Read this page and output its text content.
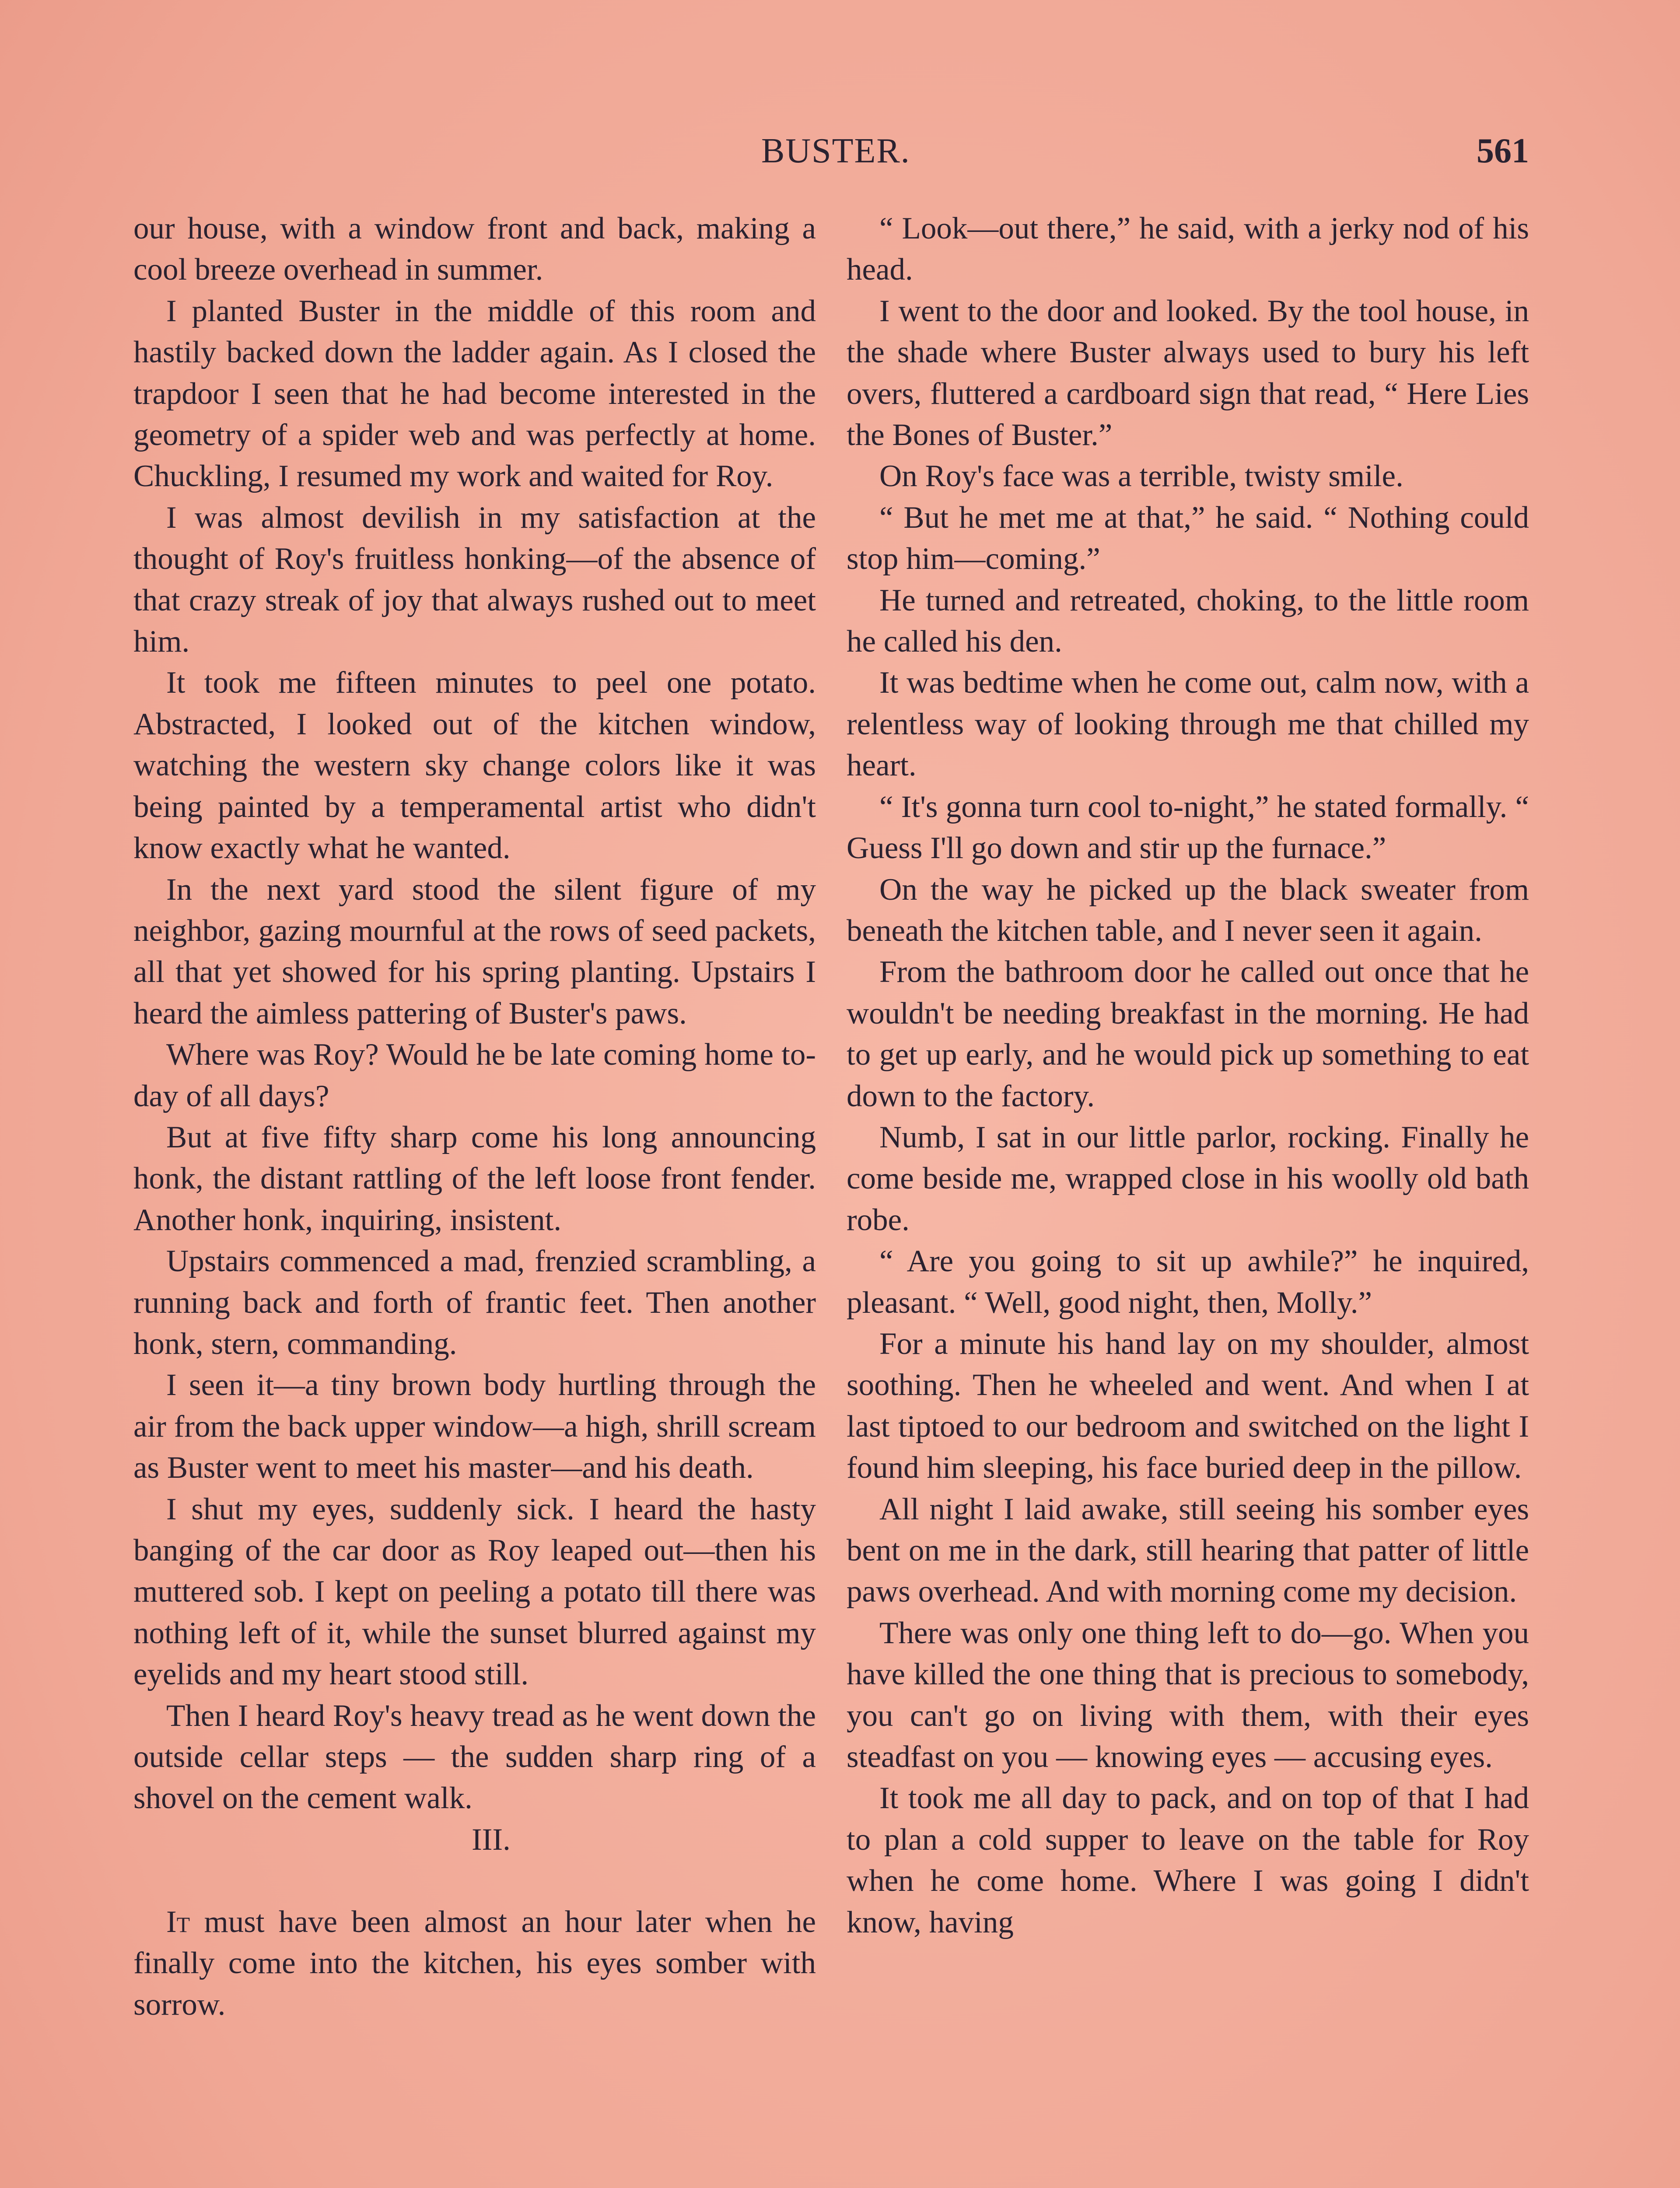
BUSTER.	561

our house, with a window front and back, making a cool breeze overhead in summer.

I planted Buster in the middle of this room and hastily backed down the ladder again. As I closed the trapdoor I seen that he had become interested in the geometry of a spider web and was perfectly at home. Chuckling, I resumed my work and waited for Roy.

I was almost devilish in my satisfaction at the thought of Roy's fruitless honking—of the absence of that crazy streak of joy that always rushed out to meet him.

It took me fifteen minutes to peel one potato. Abstracted, I looked out of the kitchen window, watching the western sky change colors like it was being painted by a temperamental artist who didn't know exactly what he wanted.

In the next yard stood the silent figure of my neighbor, gazing mournful at the rows of seed packets, all that yet showed for his spring planting. Upstairs I heard the aimless pattering of Buster's paws.

Where was Roy? Would he be late coming home to-day of all days?

But at five fifty sharp come his long announcing honk, the distant rattling of the left loose front fender. Another honk, inquiring, insistent.

Upstairs commenced a mad, frenzied scrambling, a running back and forth of frantic feet. Then another honk, stern, commanding.

I seen it—a tiny brown body hurtling through the air from the back upper window—a high, shrill scream as Buster went to meet his master—and his death.

I shut my eyes, suddenly sick. I heard the hasty banging of the car door as Roy leaped out—then his muttered sob. I kept on peeling a potato till there was nothing left of it, while the sunset blurred against my eyelids and my heart stood still.

Then I heard Roy's heavy tread as he went down the outside cellar steps — the sudden sharp ring of a shovel on the cement walk.

III.

It must have been almost an hour later when he finally come into the kitchen, his eyes somber with sorrow.

“ Look—out there,” he said, with a jerky nod of his head.

I went to the door and looked. By the tool house, in the shade where Buster always used to bury his left overs, fluttered a cardboard sign that read, “ Here Lies the Bones of Buster.”

On Roy's face was a terrible, twisty smile.

“ But he met me at that,” he said. “ Nothing could stop him—coming.”

He turned and retreated, choking, to the little room he called his den.

It was bedtime when he come out, calm now, with a relentless way of looking through me that chilled my heart.

“ It's gonna turn cool to-night,” he stated formally. “ Guess I'll go down and stir up the furnace.”

On the way he picked up the black sweater from beneath the kitchen table, and I never seen it again.

From the bathroom door he called out once that he wouldn't be needing breakfast in the morning. He had to get up early, and he would pick up something to eat down to the factory.

Numb, I sat in our little parlor, rocking. Finally he come beside me, wrapped close in his woolly old bath robe.

“ Are you going to sit up awhile?” he inquired, pleasant. “ Well, good night, then, Molly.”

For a minute his hand lay on my shoulder, almost soothing. Then he wheeled and went. And when I at last tiptoed to our bedroom and switched on the light I found him sleeping, his face buried deep in the pillow.

All night I laid awake, still seeing his somber eyes bent on me in the dark, still hearing that patter of little paws overhead. And with morning come my decision.

There was only one thing left to do—go. When you have killed the one thing that is precious to somebody, you can't go on living with them, with their eyes steadfast on you — knowing eyes — accusing eyes.

It took me all day to pack, and on top of that I had to plan a cold supper to leave on the table for Roy when he come home. Where I was going I didn't know, having
